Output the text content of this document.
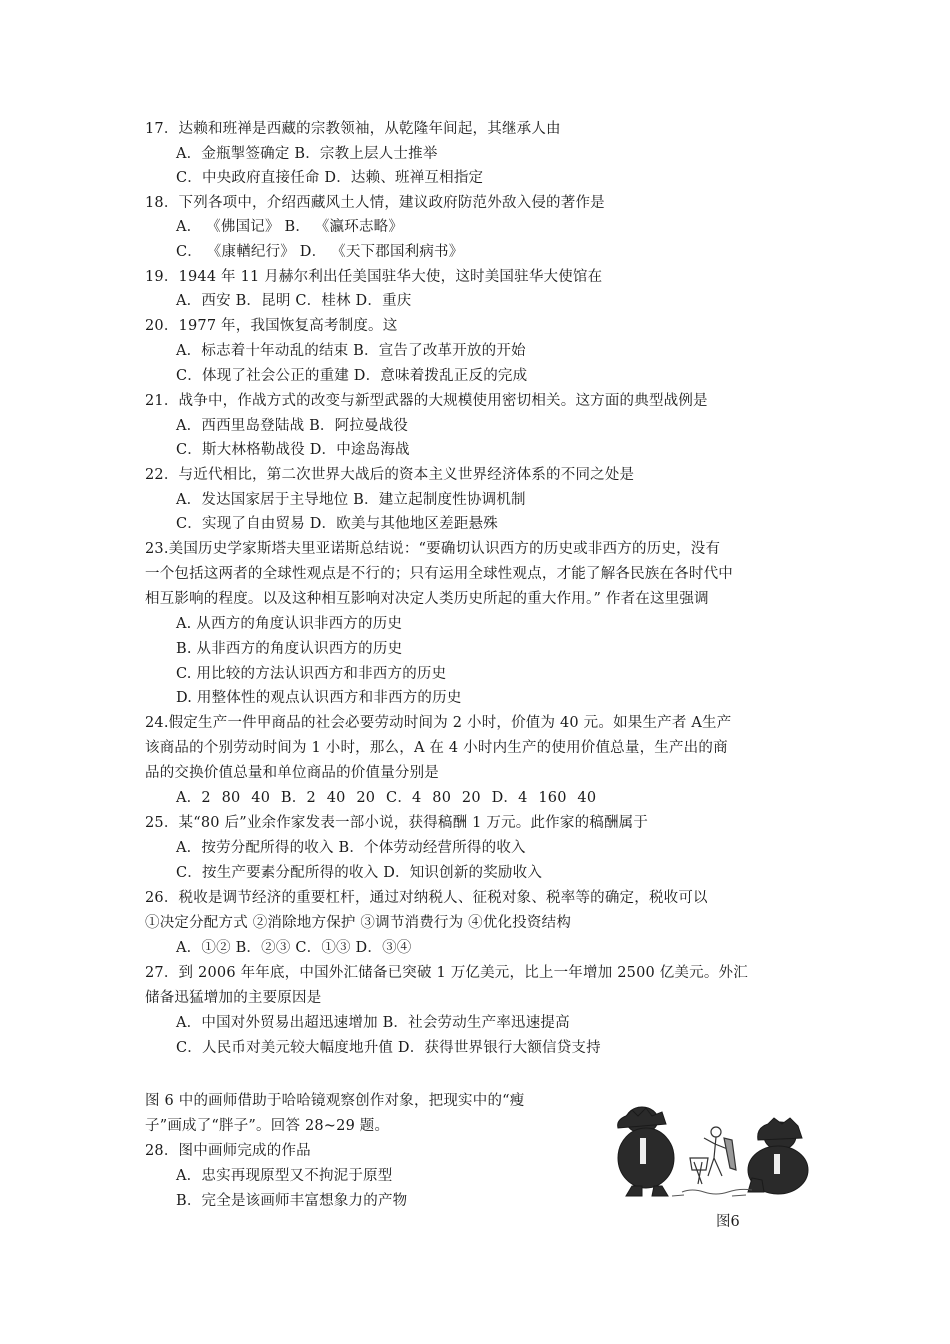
17．达赖和班禅是西藏的宗教领袖，从乾隆年间起，其继承人由
A．金瓶掣签确定 B．宗教上层人士推举
C．中央政府直接任命 D．达赖、班禅互相指定
18．下列各项中，介绍西藏风土人情，建议政府防范外敌入侵的著作是
A． 《佛国记》 B． 《瀛环志略》
C． 《康輶纪行》 D． 《天下郡国利病书》
19．1944 年 11 月赫尔利出任美国驻华大使，这时美国驻华大使馆在
A．西安 B．昆明 C．桂林 D．重庆
20．1977 年，我国恢复高考制度。这
A．标志着十年动乱的结束 B．宣告了改革开放的开始
C．体现了社会公正的重建 D．意味着拨乱正反的完成
21．战争中，作战方式的改变与新型武器的大规模使用密切相关。这方面的典型战例是
A．西西里岛登陆战 B．阿拉曼战役
C．斯大林格勒战役 D．中途岛海战
22．与近代相比，第二次世界大战后的资本主义世界经济体系的不同之处是
A．发达国家居于主导地位 B．建立起制度性协调机制
C．实现了自由贸易 D．欧美与其他地区差距悬殊
23.美国历史学家斯塔夫里亚诺斯总结说：“要确切认识西方的历史或非西方的历史，没有
一个包括这两者的全球性观点是不行的；只有运用全球性观点，才能了解各民族在各时代中
相互影响的程度。以及这种相互影响对决定人类历史所起的重大作用。” 作者在这里强调
A. 从西方的角度认识非西方的历史
B. 从非西方的角度认识西方的历史
C. 用比较的方法认识西方和非西方的历史
D. 用整体性的观点认识西方和非西方的历史
24.假定生产一件甲商品的社会必要劳动时间为 2 小时，价值为 40 元。如果生产者 A生产
该商品的个别劳动时间为 1 小时，那么，A 在 4 小时内生产的使用价值总量，生产出的商
品的交换价值总量和单位商品的价值量分别是
A．2 80 40 B．2 40 20 C．4 80 20 D．4 160 40
25．某“80 后”业余作家发表一部小说，获得稿酬 1 万元。此作家的稿酬属于
A．按劳分配所得的收入 B．个体劳动经营所得的收入
C．按生产要素分配所得的收入 D．知识创新的奖励收入
26．税收是调节经济的重要杠杆，通过对纳税人、征税对象、税率等的确定，税收可以
①决定分配方式 ②消除地方保护 ③调节消费行为 ④优化投资结构
A．①② B．②③ C．①③ D．③④
27．到 2006 年年底，中国外汇储备已突破 1 万亿美元，比上一年增加 2500 亿美元。外汇
储备迅猛增加的主要原因是
A．中国对外贸易出超迅速增加 B．社会劳动生产率迅速提高
C．人民币对美元较大幅度地升值 D．获得世界银行大额信贷支持
图 6 中的画师借助于哈哈镜观察创作对象，把现实中的“瘦
子”画成了“胖子”。回答 28~29 题。
28．图中画师完成的作品
A．忠实再现原型又不拘泥于原型
B．完全是该画师丰富想象力的产物
图6
